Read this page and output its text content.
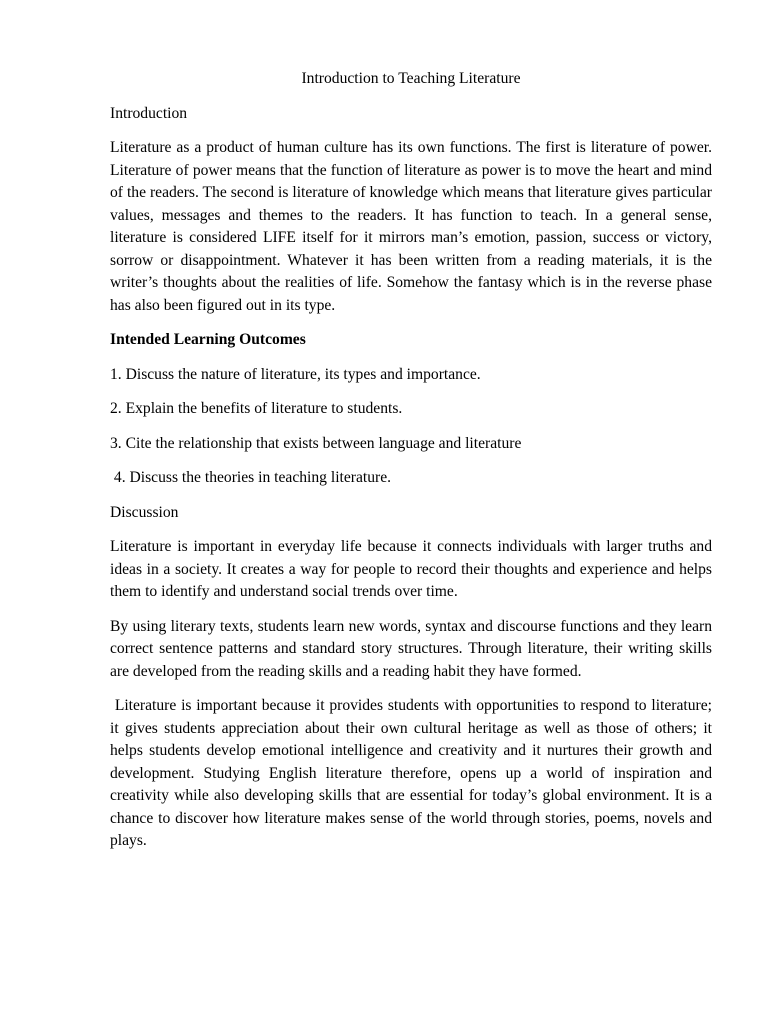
Introduction to Teaching Literature
Introduction
Literature as a product of human culture has its own functions. The first is literature of power. Literature of power means that the function of literature as power is to move the heart and mind of the readers. The second is literature of knowledge which means that literature gives particular values, messages and themes to the readers. It has function to teach. In a general sense, literature is considered LIFE itself for it mirrors man’s emotion, passion, success or victory, sorrow or disappointment. Whatever it has been written from a reading materials, it is the writer’s thoughts about the realities of life. Somehow the fantasy which is in the reverse phase has also been figured out in its type.
Intended Learning Outcomes
1. Discuss the nature of literature, its types and importance.
2. Explain the benefits of literature to students.
3. Cite the relationship that exists between language and literature
4. Discuss the theories in teaching literature.
Discussion
Literature is important in everyday life because it connects individuals with larger truths and ideas in a society. It creates a way for people to record their thoughts and experience and helps them to identify and understand social trends over time.
By using literary texts, students learn new words, syntax and discourse functions and they learn correct sentence patterns and standard story structures. Through literature, their writing skills are developed from the reading skills and a reading habit they have formed.
Literature is important because it provides students with opportunities to respond to literature; it gives students appreciation about their own cultural heritage as well as those of others; it helps students develop emotional intelligence and creativity and it nurtures their growth and development. Studying English literature therefore, opens up a world of inspiration and creativity while also developing skills that are essential for today’s global environment. It is a chance to discover how literature makes sense of the world through stories, poems, novels and plays.
